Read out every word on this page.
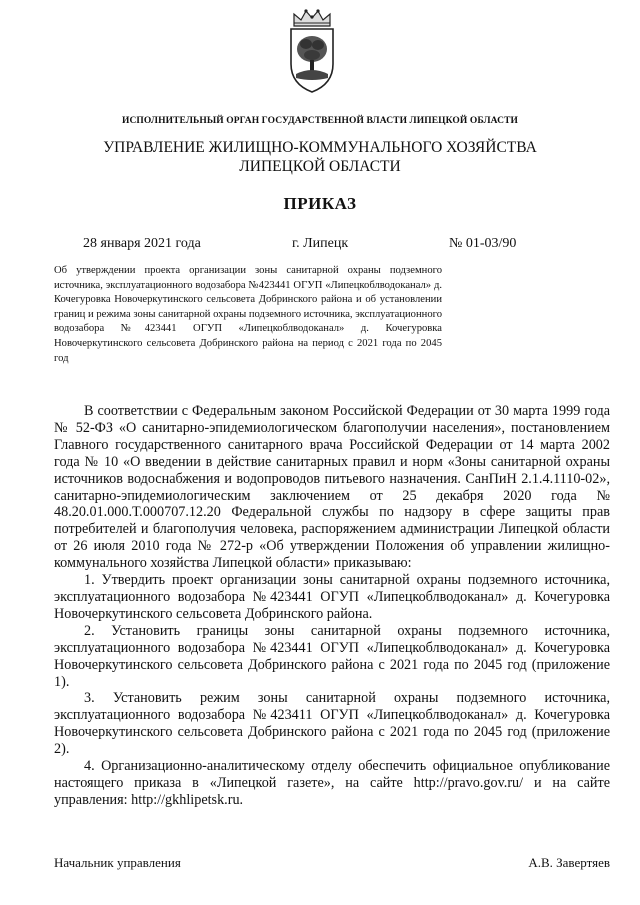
ИСПОЛНИТЕЛЬНЫЙ ОРГАН ГОСУДАРСТВЕННОЙ ВЛАСТИ ЛИПЕЦКОЙ ОБЛАСТИ
УПРАВЛЕНИЕ ЖИЛИЩНО-КОММУНАЛЬНОГО ХОЗЯЙСТВА
ЛИПЕЦКОЙ ОБЛАСТИ
ПРИКАЗ
28 января 2021 года	г. Липецк	№ 01-03/90
Об утверждении проекта организации зоны санитарной охраны подземного источника, эксплуатационного водозабора №423441 ОГУП «Липецкоблводоканал» д. Кочегуровка Новочеркутинского сельсовета Добринского района и об установлении границ и режима зоны санитарной охраны подземного источника, эксплуатационного водозабора №423441 ОГУП «Липецкоблводоканал» д. Кочегуровка Новочеркутинского сельсовета Добринского района на период с 2021 года по 2045 год

В соответствии с Федеральным законом Российской Федерации от 30 марта 1999 года № 52-ФЗ «О санитарно-эпидемиологическом благополучии населения», постановлением Главного государственного санитарного врача Российской Федерации от 14 марта 2002 года № 10 «О введении в действие санитарных правил и норм «Зоны санитарной охраны источников водоснабжения и водопроводов питьевого назначения. СанПиН 2.1.4.1110-02», санитарно-эпидемиологическим заключением от 25 декабря 2020 года № 48.20.01.000.Т.000707.12.20 Федеральной службы по надзору в сфере защиты прав потребителей и благополучия человека, распоряжением администрации Липецкой области от 26 июля 2010 года № 272-р «Об утверждении Положения об управлении жилищно-коммунального хозяйства Липецкой области» приказываю:

1. Утвердить проект организации зоны санитарной охраны подземного источника, эксплуатационного водозабора №423441 ОГУП «Липецкоблводоканал» д. Кочегуровка Новочеркутинского сельсовета Добринского района.

2. Установить границы зоны санитарной охраны подземного источника, эксплуатационного водозабора №423441 ОГУП «Липецкоблводоканал» д. Кочегуровка Новочеркутинского сельсовета Добринского района с 2021 года по 2045 год (приложение 1).

3. Установить режим зоны санитарной охраны подземного источника, эксплуатационного водозабора №423411 ОГУП «Липецкоблводоканал» д. Кочегуровка Новочеркутинского сельсовета Добринского района с 2021 года по 2045 год (приложение 2).

4. Организационно-аналитическому отделу обеспечить официальное опубликование настоящего приказа в «Липецкой газете», на сайте http://pravo.gov.ru/ и на сайте управления: http://gkhlipetsk.ru.

Начальник управления	А.В. Завертяев
